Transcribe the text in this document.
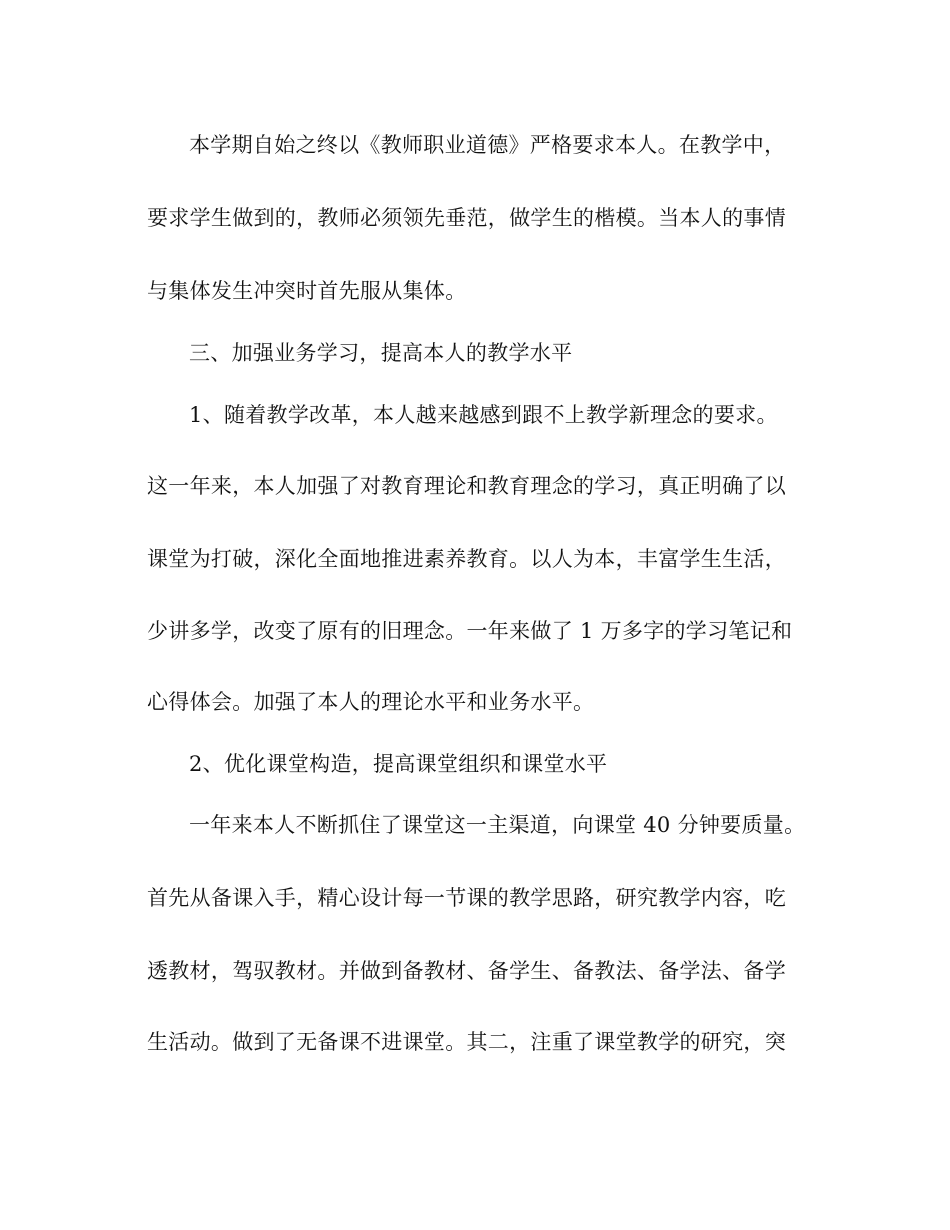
本学期自始之终以《教师职业道德》严格要求本人。在教学中，
要求学生做到的，教师必须领先垂范，做学生的楷模。当本人的事情
与集体发生冲突时首先服从集体。
三、加强业务学习，提高本人的教学水平
1、随着教学改革，本人越来越感到跟不上教学新理念的要求。
这一年来，本人加强了对教育理论和教育理念的学习，真正明确了以
课堂为打破，深化全面地推进素养教育。以人为本，丰富学生生活，
少讲多学，改变了原有的旧理念。一年来做了 1 万多字的学习笔记和
心得体会。加强了本人的理论水平和业务水平。
2、优化课堂构造，提高课堂组织和课堂水平
一年来本人不断抓住了课堂这一主渠道，向课堂 40 分钟要质量。
首先从备课入手，精心设计每一节课的教学思路，研究教学内容，吃
透教材，驾驭教材。并做到备教材、备学生、备教法、备学法、备学
生活动。做到了无备课不进课堂。其二，注重了课堂教学的研究，突
